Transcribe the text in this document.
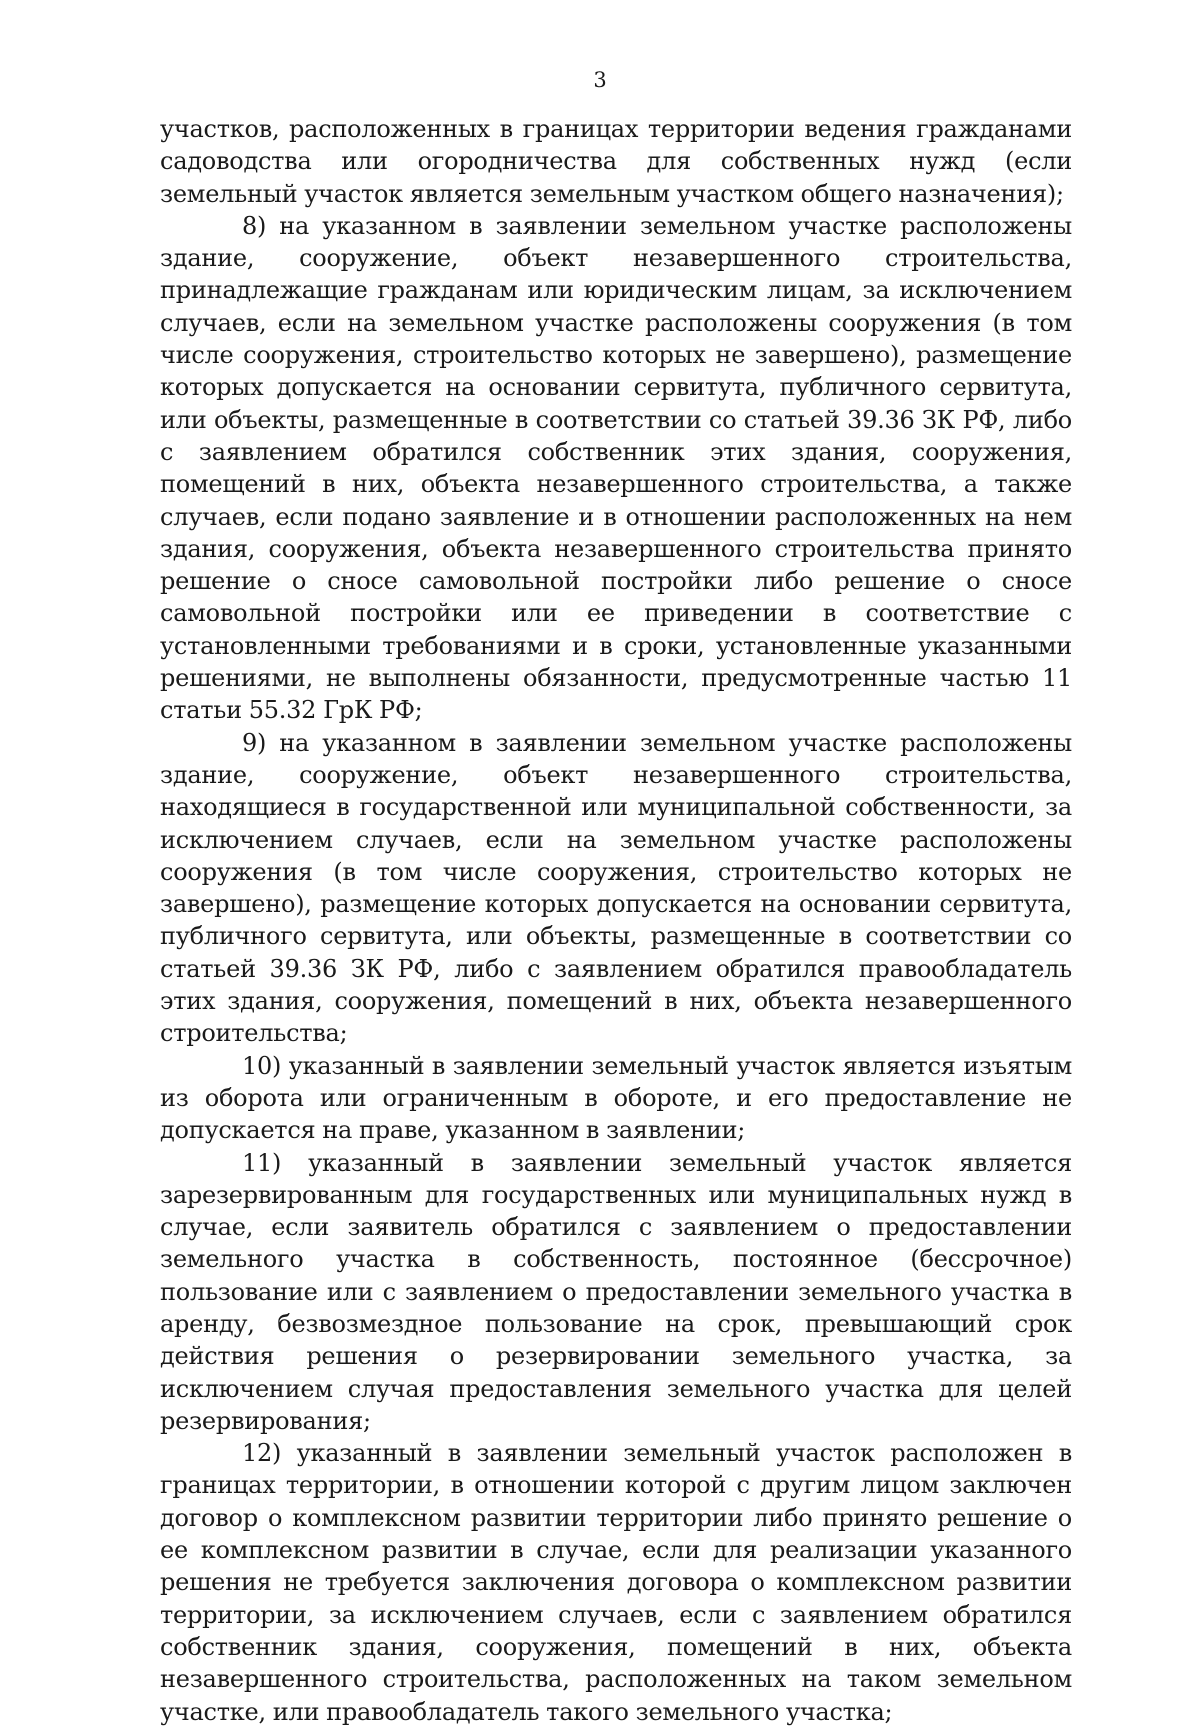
3

участков, расположенных в границах территории ведения гражданами садоводства или огородничества для собственных нужд (если земельный участок является земельным участком общего назначения);

8) на указанном в заявлении земельном участке расположены здание, сооружение, объект незавершенного строительства, принадлежащие гражданам или юридическим лицам, за исключением случаев, если на земельном участке расположены сооружения (в том числе сооружения, строительство которых не завершено), размещение которых допускается на основании сервитута, публичного сервитута, или объекты, размещенные в соответствии со статьей 39.36 ЗК РФ, либо с заявлением обратился собственник этих здания, сооружения, помещений в них, объекта незавершенного строительства, а также случаев, если подано заявление и в отношении расположенных на нем здания, сооружения, объекта незавершенного строительства принято решение о сносе самовольной постройки либо решение о сносе самовольной постройки или ее приведении в соответствие с установленными требованиями и в сроки, установленные указанными решениями, не выполнены обязанности, предусмотренные частью 11 статьи 55.32 ГрК РФ;

9) на указанном в заявлении земельном участке расположены здание, сооружение, объект незавершенного строительства, находящиеся в государственной или муниципальной собственности, за исключением случаев, если на земельном участке расположены сооружения (в том числе сооружения, строительство которых не завершено), размещение которых допускается на основании сервитута, публичного сервитута, или объекты, размещенные в соответствии со статьей 39.36 ЗК РФ, либо с заявлением обратился правообладатель этих здания, сооружения, помещений в них, объекта незавершенного строительства;

10) указанный в заявлении земельный участок является изъятым из оборота или ограниченным в обороте, и его предоставление не допускается на праве, указанном в заявлении;

11) указанный в заявлении земельный участок является зарезервированным для государственных или муниципальных нужд в случае, если заявитель обратился с заявлением о предоставлении земельного участка в собственность, постоянное (бессрочное) пользование или с заявлением о предоставлении земельного участка в аренду, безвозмездное пользование на срок, превышающий срок действия решения о резервировании земельного участка, за исключением случая предоставления земельного участка для целей резервирования;

12) указанный в заявлении земельный участок расположен в границах территории, в отношении которой с другим лицом заключен договор о комплексном развитии территории либо принято решение о ее комплексном развитии в случае, если для реализации указанного решения не требуется заключения договора о комплексном развитии территории, за исключением случаев, если с заявлением обратился собственник здания, сооружения, помещений в них, объекта незавершенного строительства, расположенных на таком земельном участке, или правообладатель такого земельного участка;
